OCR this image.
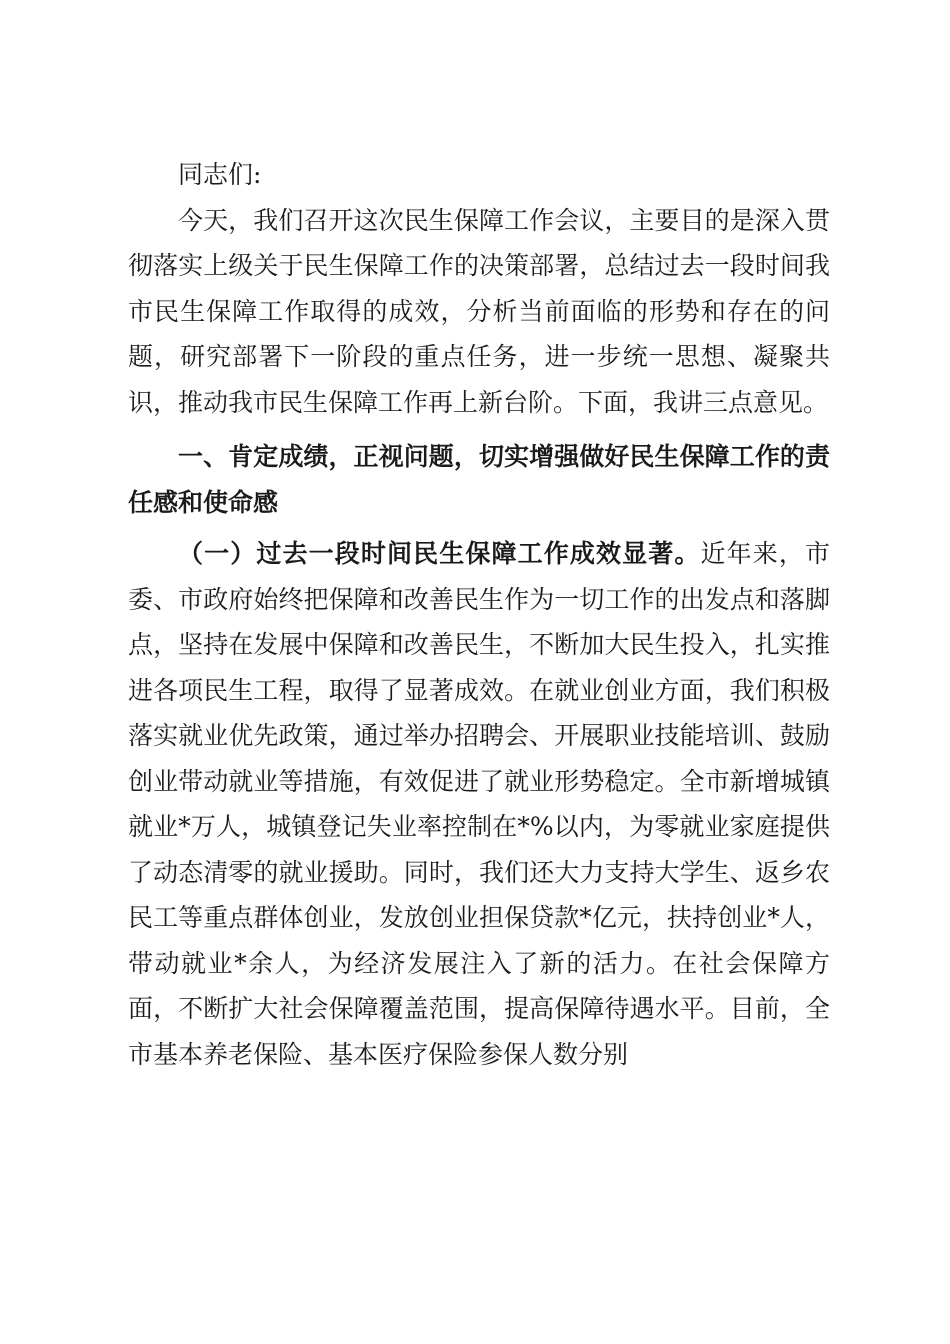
同志们:

今天，我们召开这次民生保障工作会议，主要目的是深入贯彻落实上级关于民生保障工作的决策部署，总结过去一段时间我市民生保障工作取得的成效，分析当前面临的形势和存在的问题，研究部署下一阶段的重点任务，进一步统一思想、凝聚共识，推动我市民生保障工作再上新台阶。下面，我讲三点意见。

一、肯定成绩，正视问题，切实增强做好民生保障工作的责任感和使命感

（一）过去一段时间民生保障工作成效显著。近年来，市委、市政府始终把保障和改善民生作为一切工作的出发点和落脚点，坚持在发展中保障和改善民生，不断加大民生投入，扎实推进各项民生工程，取得了显著成效。在就业创业方面，我们积极落实就业优先政策，通过举办招聘会、开展职业技能培训、鼓励创业带动就业等措施，有效促进了就业形势稳定。全市新增城镇就业*万人，城镇登记失业率控制在*%以内，为零就业家庭提供了动态清零的就业援助。同时，我们还大力支持大学生、返乡农民工等重点群体创业，发放创业担保贷款*亿元，扶持创业*人，带动就业*余人，为经济发展注入了新的活力。在社会保障方面，不断扩大社会保障覆盖范围，提高保障待遇水平。目前，全市基本养老保险、基本医疗保险参保人数分别
